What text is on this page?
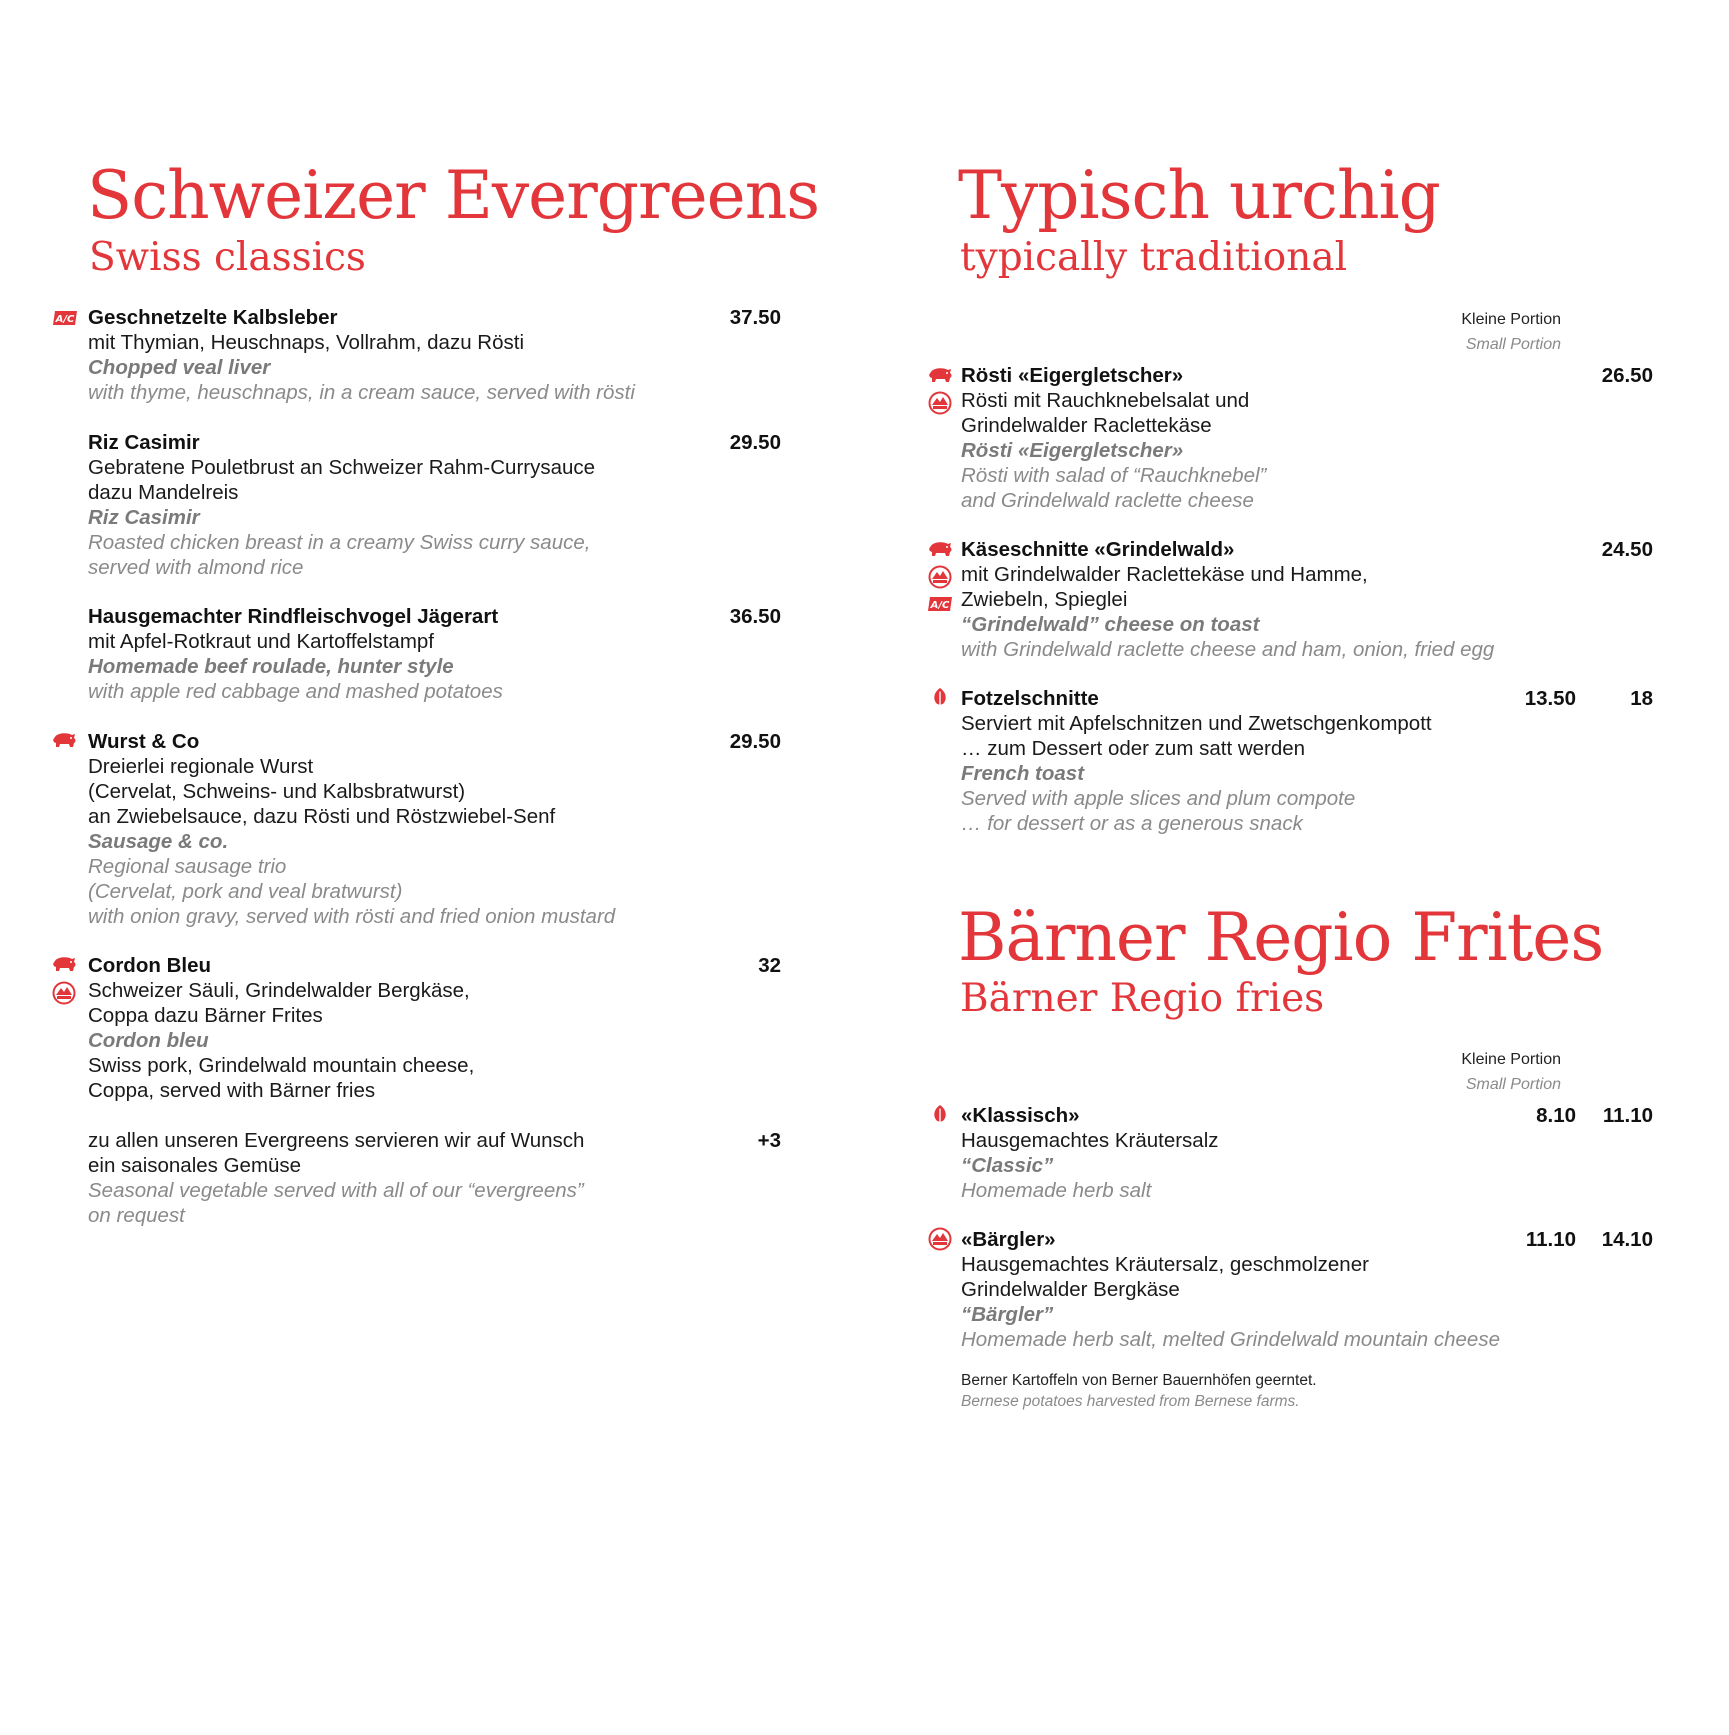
Schweizer Evergreens
Swiss classics
Geschnetzelte Kalbsleber
mit Thymian, Heuschnaps, Vollrahm, dazu Rösti
Chopped veal liver
with thyme, heuschnaps, in a cream sauce, served with rösti
37.50
Riz Casimir
Gebratene Pouletbrust an Schweizer Rahm-Currysauce
dazu Mandelreis
Riz Casimir
Roasted chicken breast in a creamy Swiss curry sauce,
served with almond rice
29.50
Hausgemachter Rindfleischvogel Jägerart
mit Apfel-Rotkraut und Kartoffelstampf
Homemade beef roulade, hunter style
with apple red cabbage and mashed potatoes
36.50
Wurst & Co
Dreierlei regionale Wurst
(Cervelat, Schweins- und Kalbsbratwurst)
an Zwiebelsauce, dazu Rösti und Röstzwiebel-Senf
Sausage & co.
Regional sausage trio
(Cervelat, pork and veal bratwurst)
with onion gravy, served with rösti and fried onion mustard
29.50
Cordon Bleu
Schweizer Säuli, Grindelwalder Bergkäse,
Coppa dazu Bärner Frites
Cordon bleu
Swiss pork, Grindelwald mountain cheese,
Coppa, served with Bärner fries
32
zu allen unseren Evergreens servieren wir auf Wunsch
ein saisonales Gemüse
Seasonal vegetable served with all of our “evergreens”
on request
+3
Typisch urchig
typically traditional
Kleine Portion
Small Portion
Rösti «Eigergletscher»
Rösti mit Rauchknebelsalat und
Grindelwalder Raclettekäse
Rösti «Eigergletscher»
Rösti with salad of “Rauchknebel”
and Grindelwald raclette cheese
26.50
Käseschnitte «Grindelwald»
mit Grindelwalder Raclettekäse und Hamme,
Zwiebeln, Spieglei
“Grindelwald” cheese on toast
with Grindelwald raclette cheese and ham, onion, fried egg
24.50
Fotzelschnitte
Serviert mit Apfelschnitzen und Zwetschgenkompott
… zum Dessert oder zum satt werden
French toast
Served with apple slices and plum compote
… for dessert or as a generous snack
13.50	18
Bärner Regio Frites
Bärner Regio fries
Kleine Portion
Small Portion
«Klassisch»
Hausgemachtes Kräutersalz
“Classic”
Homemade herb salt
8.10 11.10
«Bärgler»
Hausgemachtes Kräutersalz, geschmolzener
Grindelwalder Bergkäse
“Bärgler”
Homemade herb salt, melted Grindelwald mountain cheese
11.10 14.10
Berner Kartoffeln von Berner Bauernhöfen geerntet.
Bernese potatoes harvested from Bernese farms.
